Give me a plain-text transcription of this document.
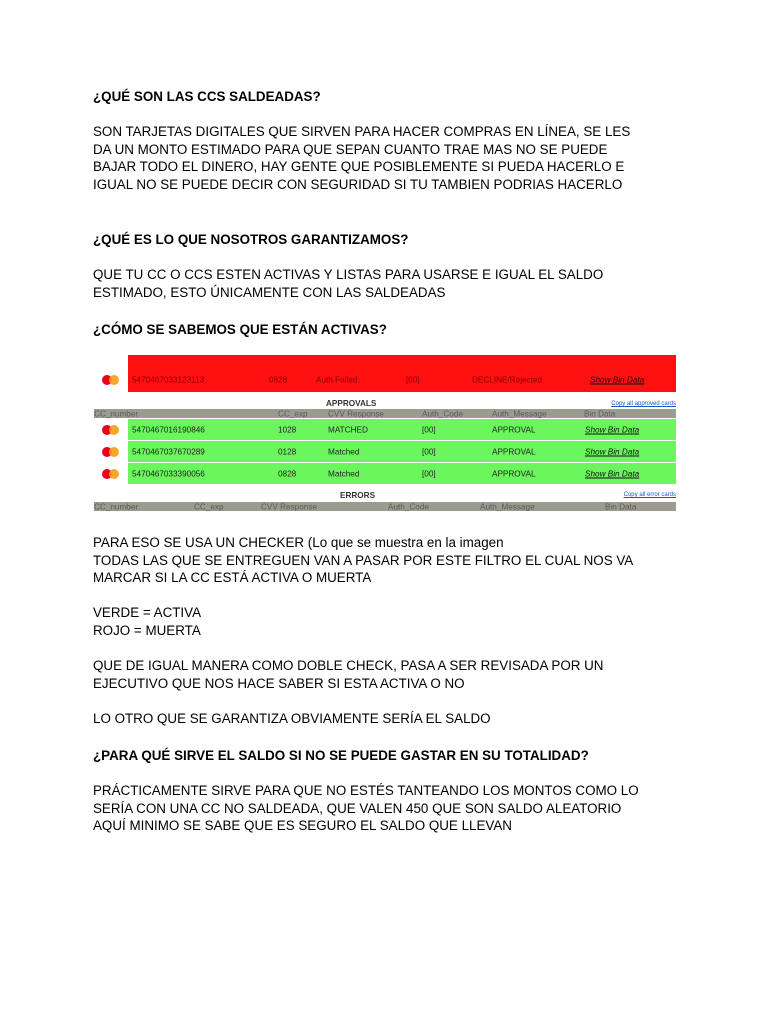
¿QUÉ SON LAS CCS SALDEADAS?
SON TARJETAS DIGITALES QUE SIRVEN PARA HACER COMPRAS EN LÍNEA, SE LES
DA UN MONTO ESTIMADO PARA QUE SEPAN CUANTO TRAE MAS NO SE PUEDE
BAJAR TODO EL DINERO, HAY GENTE QUE POSIBLEMENTE SI PUEDA HACERLO E
IGUAL NO SE PUEDE DECIR CON SEGURIDAD SI TU TAMBIEN PODRIAS HACERLO
¿QUÉ ES LO QUE NOSOTROS GARANTIZAMOS?
QUE TU CC O CCS ESTEN ACTIVAS Y LISTAS PARA USARSE E IGUAL EL SALDO
ESTIMADO, ESTO ÚNICAMENTE CON LAS SALDEADAS
¿CÓMO SE SABEMOS QUE ESTÁN ACTIVAS?
PARA ESO SE USA UN CHECKER (Lo que se muestra en la imagen
TODAS LAS QUE SE ENTREGUEN VAN A PASAR POR ESTE FILTRO EL CUAL NOS VA
MARCAR SI LA CC ESTÁ ACTIVA O MUERTA
VERDE = ACTIVA
ROJO = MUERTA
QUE DE IGUAL MANERA COMO DOBLE CHECK, PASA A SER REVISADA POR UN
EJECUTIVO QUE NOS HACE SABER SI ESTA ACTIVA O NO
LO OTRO QUE SE GARANTIZA OBVIAMENTE SERÍA EL SALDO
¿PARA QUÉ SIRVE EL SALDO SI NO SE PUEDE GASTAR EN SU TOTALIDAD?
PRÁCTICAMENTE SIRVE PARA QUE NO ESTÉS TANTEANDO LOS MONTOS COMO LO
SERÍA CON UNA CC NO SALDEADA, QUE VALEN 450 QUE SON SALDO ALEATORIO
AQUÍ MINIMO SE SABE QUE ES SEGURO EL SALDO QUE LLEVAN
5470467033123113	0828	Auth Failed	[00]	DECLINE/Rejected	Show Bin Data
APPROVALS	Copy all approved cards
CC_number	CC_exp CVV Response	Auth_Code	Auth_Message	Bin Data
5470467016190846	1028	MATCHED	[00]	APPROVAL	Show Bin Data
5470467037670289	0128	Matched	[00]	APPROVAL	Show Bin Data
5470467033390056	0828	Matched	[00]	APPROVAL	Show Bin Data
ERRORS	Copy all error cards
CC_number	CC_exp	CVV Response	Auth_Code	Auth_Message	Bin Data
